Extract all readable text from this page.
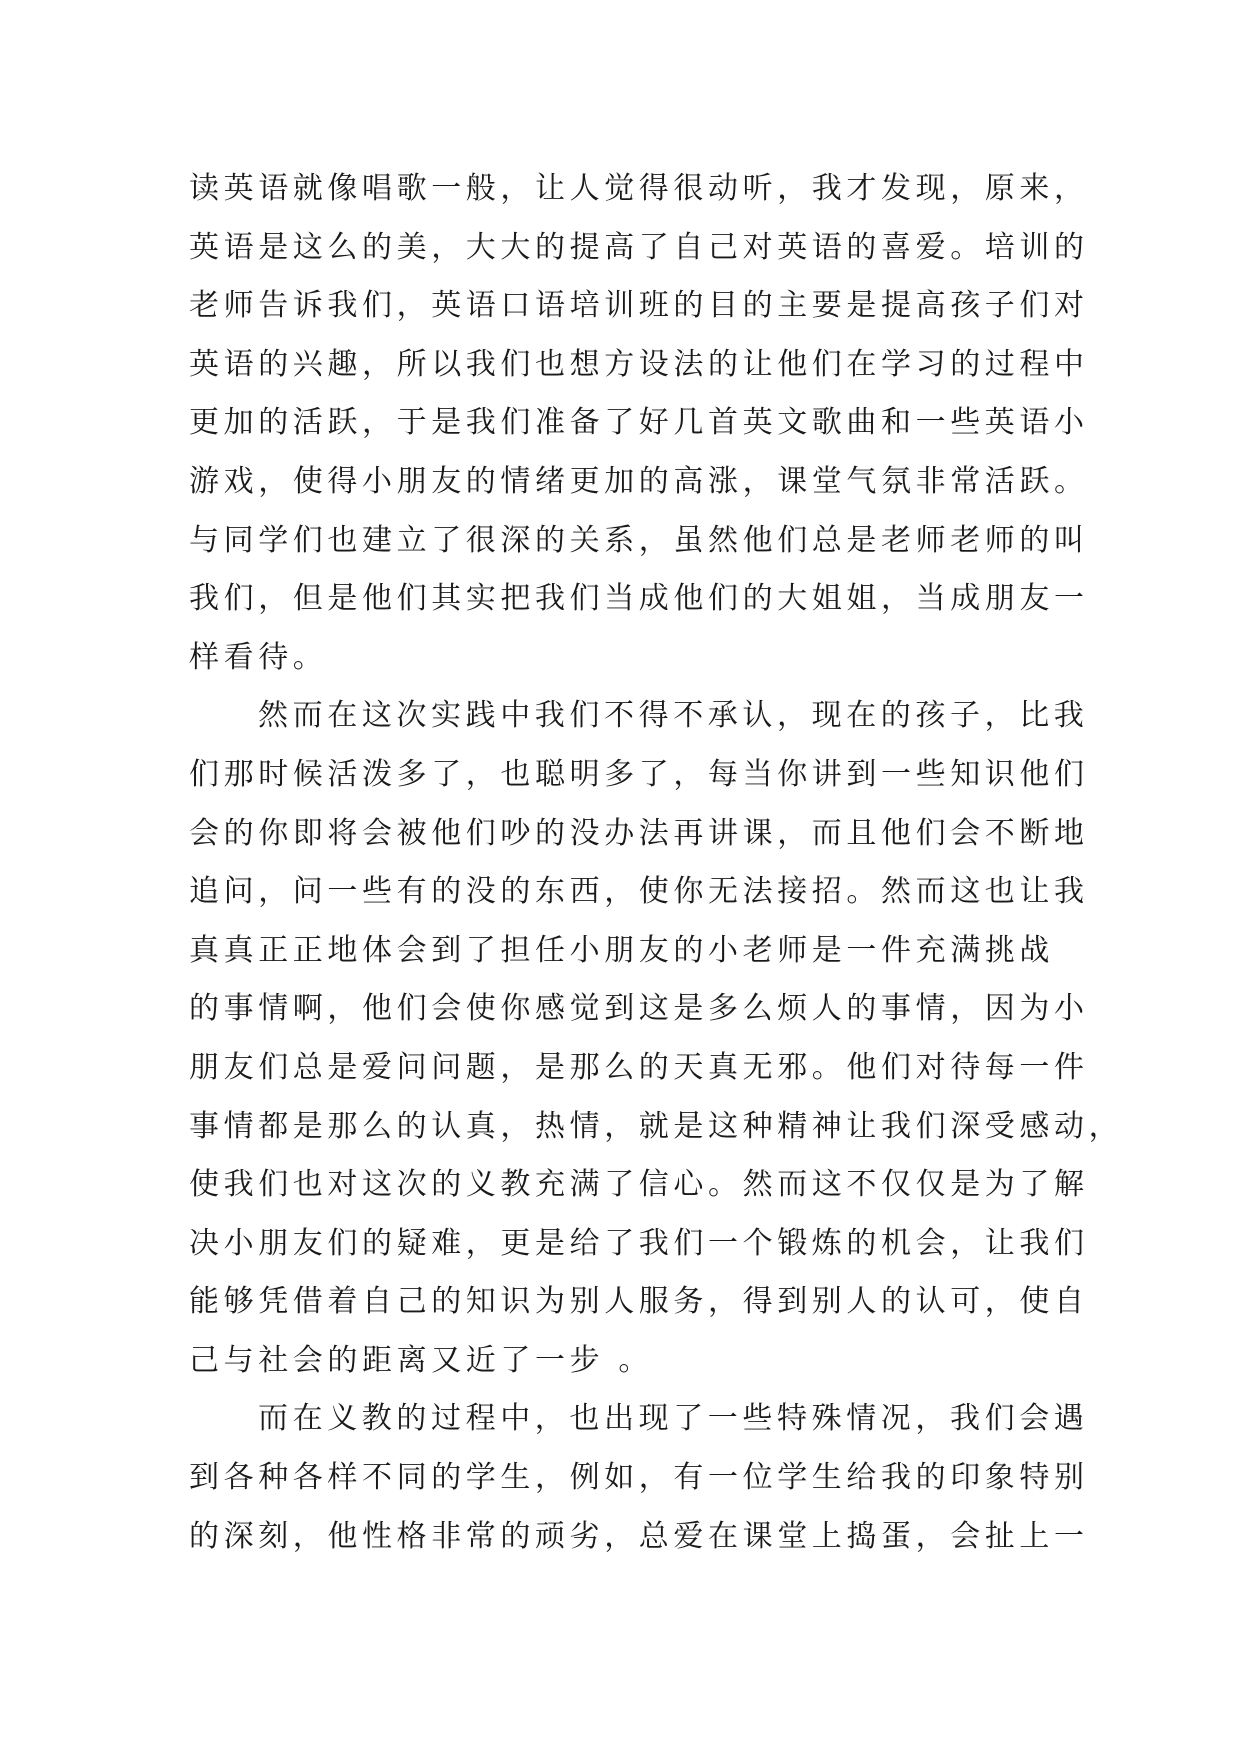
读英语就像唱歌一般，让人觉得很动听，我才发现，原来，
英语是这么的美，大大的提高了自己对英语的喜爱。培训的
老师告诉我们，英语口语培训班的目的主要是提高孩子们对
英语的兴趣，所以我们也想方设法的让他们在学习的过程中
更加的活跃，于是我们准备了好几首英文歌曲和一些英语小
游戏，使得小朋友的情绪更加的高涨，课堂气氛非常活跃。
与同学们也建立了很深的关系，虽然他们总是老师老师的叫
我们，但是他们其实把我们当成他们的大姐姐，当成朋友一
样看待。
然而在这次实践中我们不得不承认，现在的孩子，比我
们那时候活泼多了，也聪明多了，每当你讲到一些知识他们
会的你即将会被他们吵的没办法再讲课，而且他们会不断地
追问，问一些有的没的东西，使你无法接招。然而这也让我
真真正正地体会到了担任小朋友的小老师是一件充满挑战
的事情啊，他们会使你感觉到这是多么烦人的事情，因为小
朋友们总是爱问问题，是那么的天真无邪。他们对待每一件
事情都是那么的认真，热情，就是这种精神让我们深受感动，
使我们也对这次的义教充满了信心。然而这不仅仅是为了解
决小朋友们的疑难，更是给了我们一个锻炼的机会，让我们
能够凭借着自己的知识为别人服务，得到别人的认可，使自
己与社会的距离又近了一步 。
而在义教的过程中，也出现了一些特殊情况，我们会遇
到各种各样不同的学生，例如，有一位学生给我的印象特别
的深刻，他性格非常的顽劣，总爱在课堂上捣蛋，会扯上一
